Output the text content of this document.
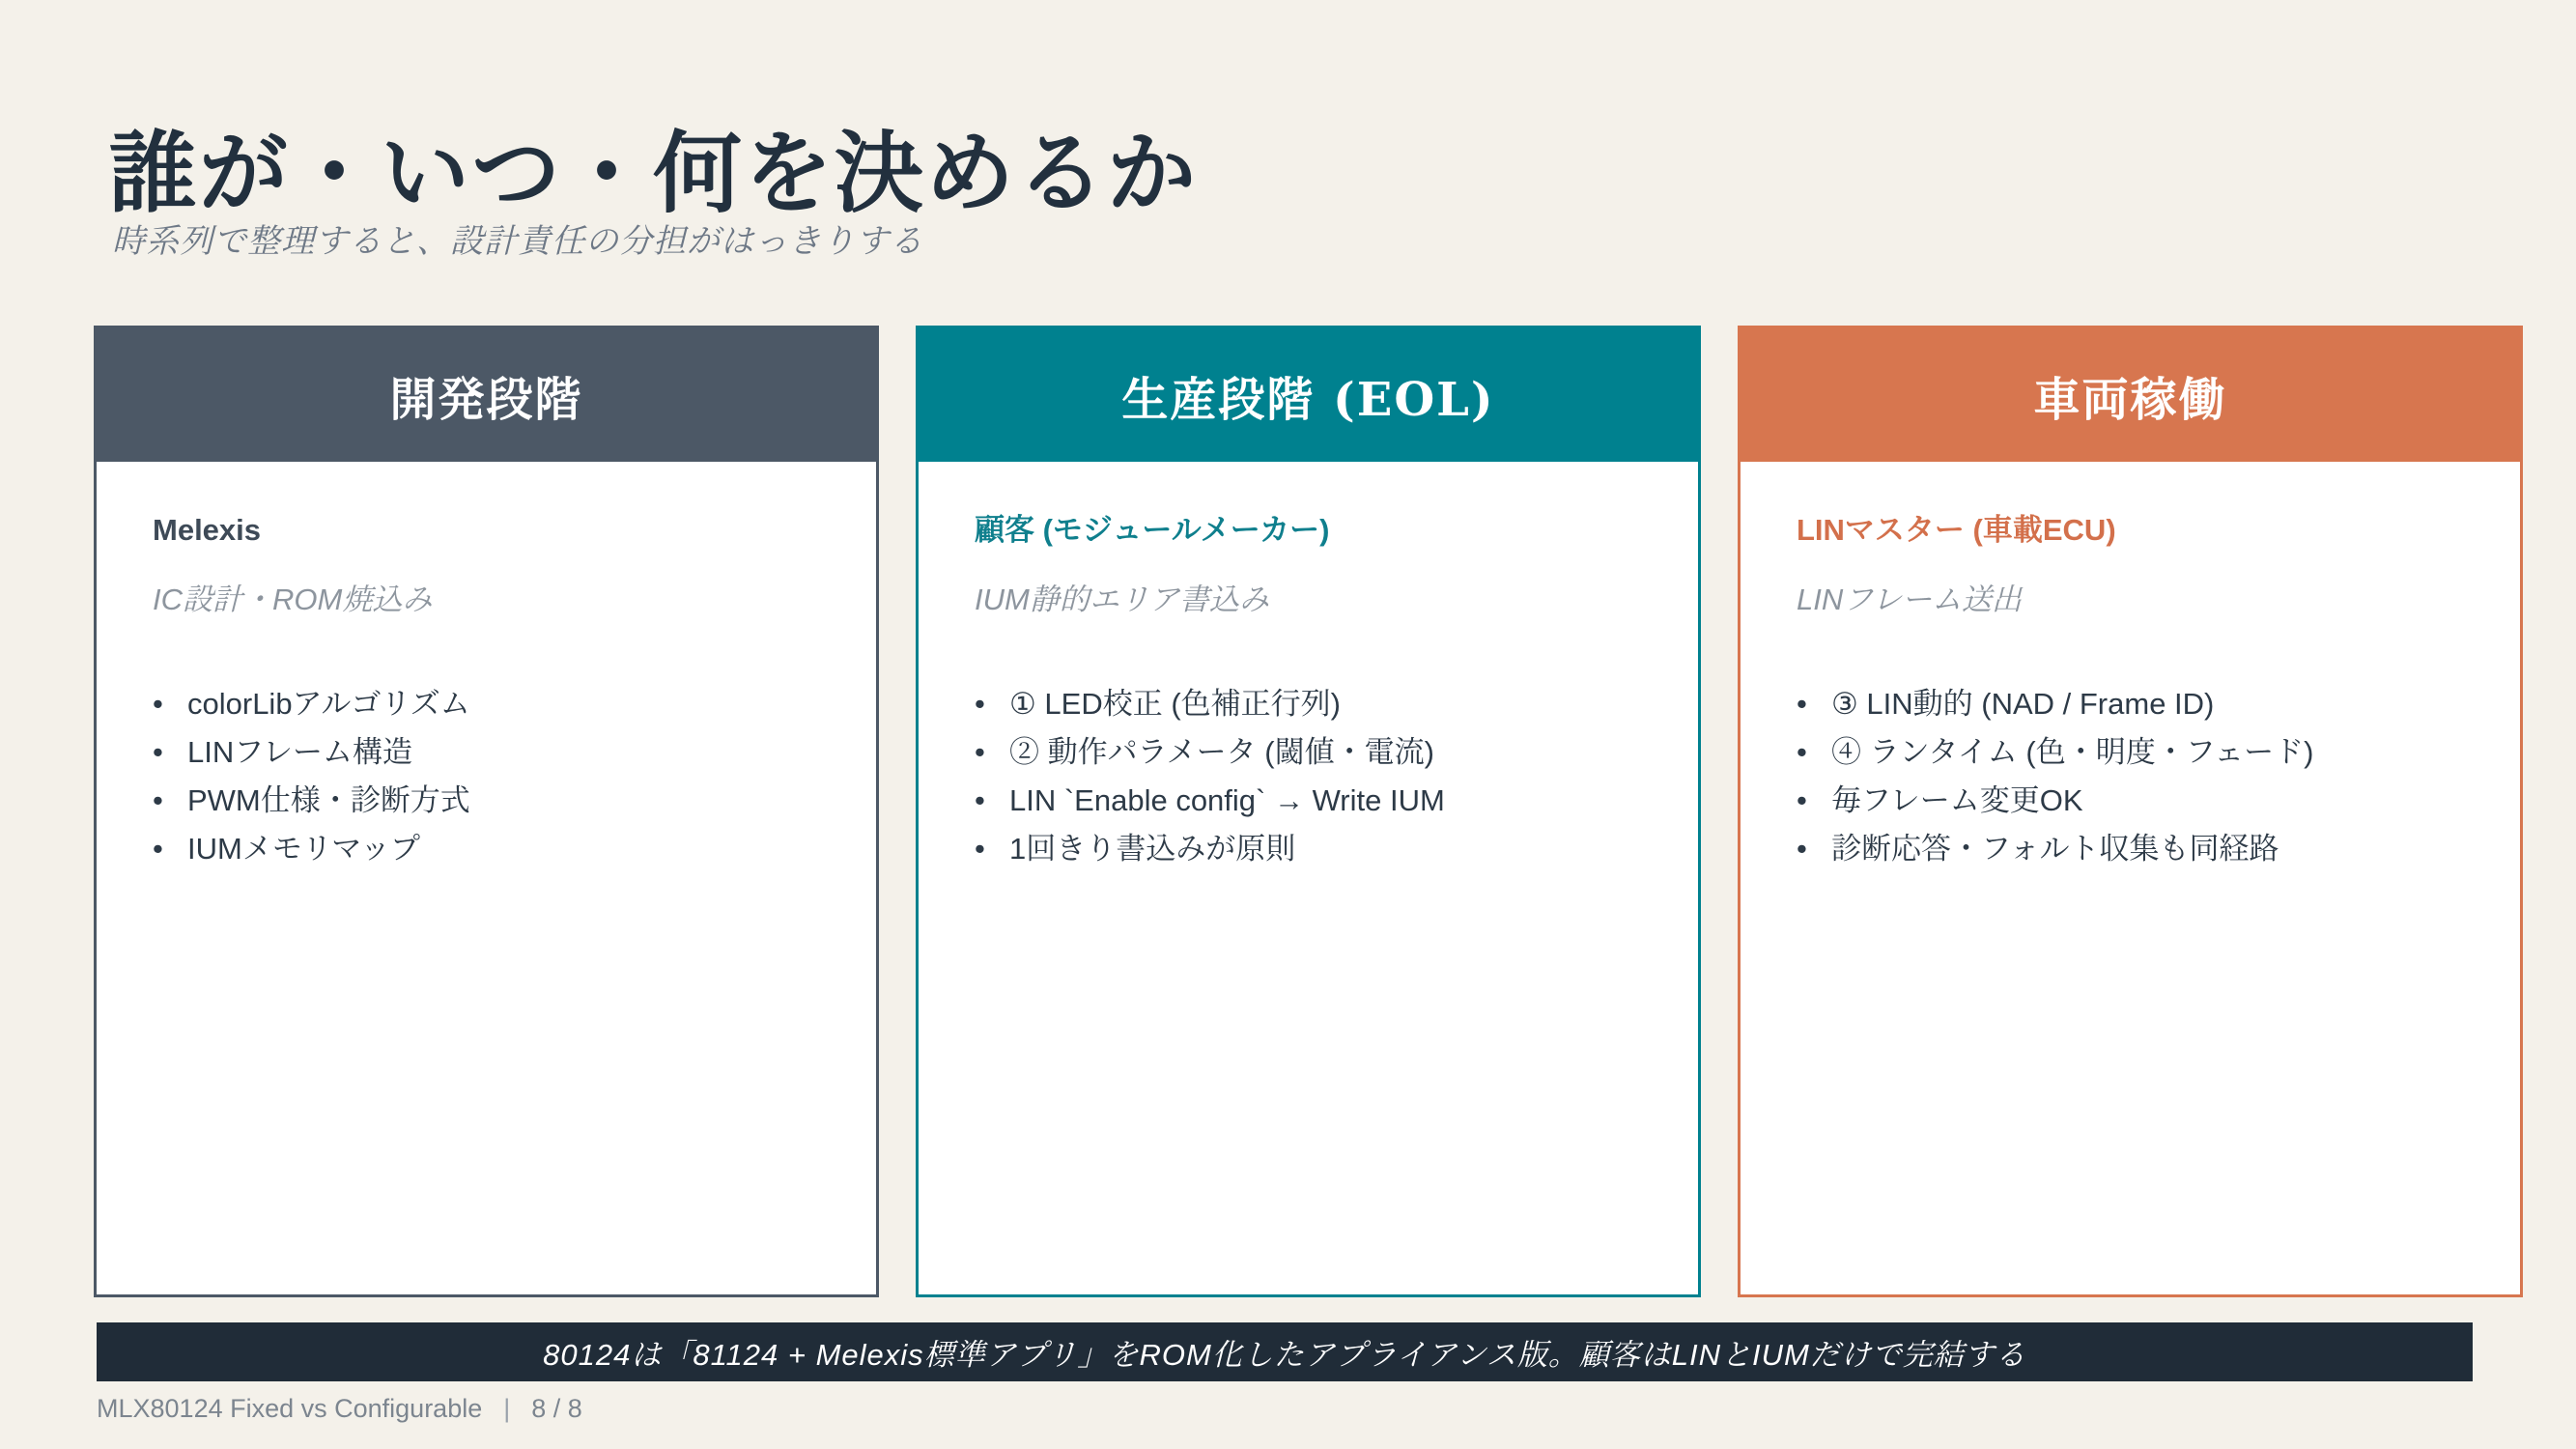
誰が・いつ・何を決めるか
時系列で整理すると、設計責任の分担がはっきりする
開発段階

Melexis

IC設計・ROM焼込み

• colorLibアルゴリズム
• LINフレーム構造
• PWM仕様・診断方式
• IUMメモリマップ
生産段階 (EOL)

顧客 (モジュールメーカー)

IUM静的エリア書込み

• ① LED校正 (色補正行列)
• ② 動作パラメータ (閾値・電流)
• LIN `Enable config` → Write IUM
• 1回きり書込みが原則
車両稼働

LINマスター (車載ECU)

LINフレーム送出

• ③ LIN動的 (NAD / Frame ID)
• ④ ランタイム (色・明度・フェード)
• 毎フレーム変更OK
• 診断応答・フォルト収集も同経路
80124は「81124 + Melexis標準アプリ」をROM化したアプライアンス版。顧客はLINとIUMだけで完結する
MLX80124 Fixed vs Configurable | 8 / 8
